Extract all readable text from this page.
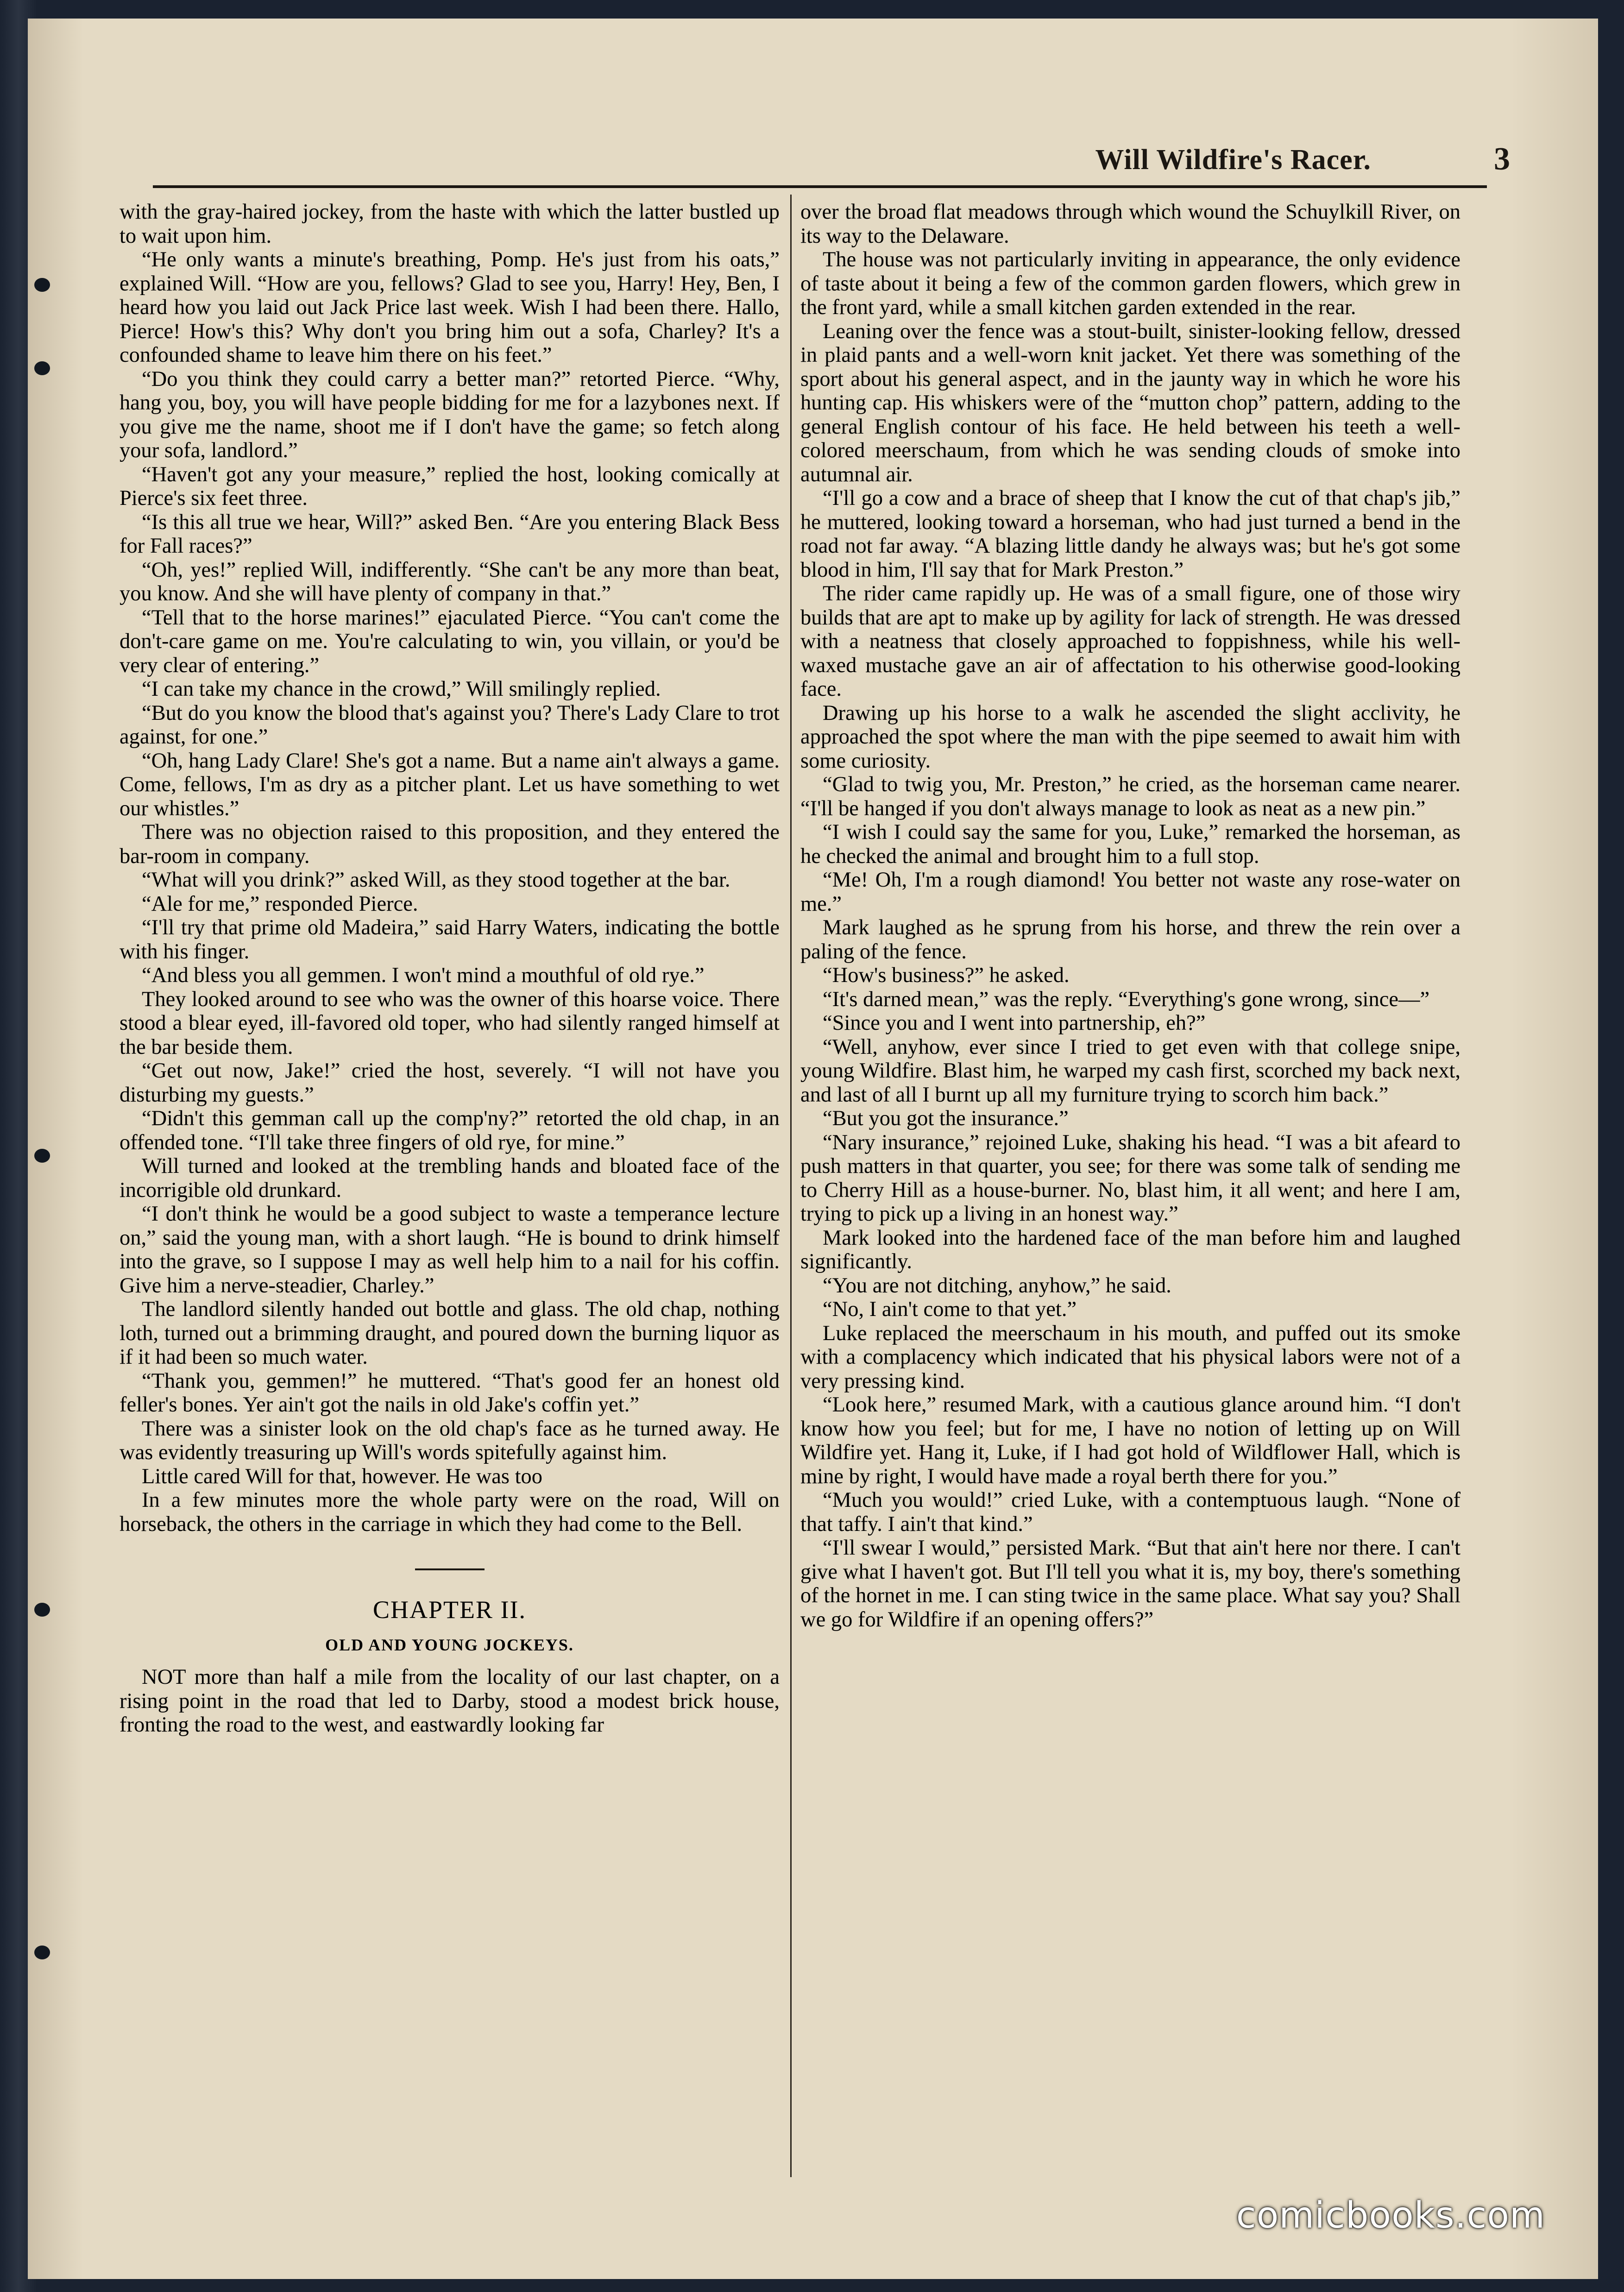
Will Wildfire's Racer.	3

with the gray-haired jockey, from the haste with which the latter bustled up to wait upon him.

“He only wants a minute's breathing, Pomp. He's just from his oats,” explained Will. “How are you, fellows? Glad to see you, Harry! Hey, Ben, I heard how you laid out Jack Price last week. Wish I had been there. Hallo, Pierce! How's this? Why don't you bring him out a sofa, Charley? It's a confounded shame to leave him there on his feet.”

“Do you think they could carry a better man?” retorted Pierce. “Why, hang you, boy, you will have people bidding for me for a lazybones next. If you give me the name, shoot me if I don't have the game; so fetch along your sofa, landlord.”

“Haven't got any your measure,” replied the host, looking comically at Pierce's six feet three.

“Is this all true we hear, Will?” asked Ben. “Are you entering Black Bess for Fall races?”

“Oh, yes!” replied Will, indifferently. “She can't be any more than beat, you know. And she will have plenty of company in that.”

“Tell that to the horse marines!” ejaculated Pierce. “You can't come the don't-care game on me. You're calculating to win, you villain, or you'd be very clear of entering.”

“I can take my chance in the crowd,” Will smilingly replied.

“But do you know the blood that's against you? There's Lady Clare to trot against, for one.”

“Oh, hang Lady Clare! She's got a name. But a name ain't always a game. Come, fellows, I'm as dry as a pitcher plant. Let us have something to wet our whistles.”

There was no objection raised to this proposition, and they entered the bar-room in company.

“What will you drink?” asked Will, as they stood together at the bar.

“Ale for me,” responded Pierce.

“I'll try that prime old Madeira,” said Harry Waters, indicating the bottle with his finger.

“And bless you all gemmen. I won't mind a mouthful of old rye.”

They looked around to see who was the owner of this hoarse voice. There stood a blear eyed, ill-favored old toper, who had silently ranged himself at the bar beside them.

“Get out now, Jake!” cried the host, severely. “I will not have you disturbing my guests.”

“Didn't this gemman call up the comp'ny?” retorted the old chap, in an offended tone. “I'll take three fingers of old rye, for mine.”

Will turned and looked at the trembling hands and bloated face of the incorrigible old drunkard.

“I don't think he would be a good subject to waste a temperance lecture on,” said the young man, with a short laugh. “He is bound to drink himself into the grave, so I suppose I may as well help him to a nail for his coffin. Give him a nerve-steadier, Charley.”

The landlord silently handed out bottle and glass. The old chap, nothing loth, turned out a brimming draught, and poured down the burning liquor as if it had been so much water.

“Thank you, gemmen!” he muttered. “That's good fer an honest old feller's bones. Yer ain't got the nails in old Jake's coffin yet.”

There was a sinister look on the old chap's face as he turned away. He was evidently treasuring up Will's words spitefully against him.

Little cared Will for that, however. He was too

In a few minutes more the whole party were on the road, Will on horseback, the others in the carriage in which they had come to the Bell.

CHAPTER II.
OLD AND YOUNG JOCKEYS.

NOT more than half a mile from the locality of our last chapter, on a rising point in the road that led to Darby, stood a modest brick house, fronting the road to the west, and eastwardly looking far

over the broad flat meadows through which wound the Schuylkill River, on its way to the Delaware.

The house was not particularly inviting in appearance, the only evidence of taste about it being a few of the common garden flowers, which grew in the front yard, while a small kitchen garden extended in the rear.

Leaning over the fence was a stout-built, sinister-looking fellow, dressed in plaid pants and a well-worn knit jacket. Yet there was something of the sport about his general aspect, and in the jaunty way in which he wore his hunting cap. His whiskers were of the “mutton chop” pattern, adding to the general English contour of his face. He held between his teeth a well-colored meerschaum, from which he was sending clouds of smoke into autumnal air.

“I'll go a cow and a brace of sheep that I know the cut of that chap's jib,” he muttered, looking toward a horseman, who had just turned a bend in the road not far away. “A blazing little dandy he always was; but he's got some blood in him, I'll say that for Mark Preston.”

The rider came rapidly up. He was of a small figure, one of those wiry builds that are apt to make up by agility for lack of strength. He was dressed with a neatness that closely approached to foppishness, while his well-waxed mustache gave an air of affectation to his otherwise good-looking face.

Drawing up his horse to a walk he ascended the slight acclivity, he approached the spot where the man with the pipe seemed to await him with some curiosity.

“Glad to twig you, Mr. Preston,” he cried, as the horseman came nearer. “I'll be hanged if you don't always manage to look as neat as a new pin.”

“I wish I could say the same for you, Luke,” remarked the horseman, as he checked the animal and brought him to a full stop.

“Me! Oh, I'm a rough diamond! You better not waste any rose-water on me.”

Mark laughed as he sprung from his horse, and threw the rein over a paling of the fence.

“How's business?” he asked.

“It's darned mean,” was the reply. “Everything's gone wrong, since—”

“Since you and I went into partnership, eh?”

“Well, anyhow, ever since I tried to get even with that college snipe, young Wildfire. Blast him, he warped my cash first, scorched my back next, and last of all I burnt up all my furniture trying to scorch him back.”

“But you got the insurance.”

“Nary insurance,” rejoined Luke, shaking his head. “I was a bit afeard to push matters in that quarter, you see; for there was some talk of sending me to Cherry Hill as a house-burner. No, blast him, it all went; and here I am, trying to pick up a living in an honest way.”

Mark looked into the hardened face of the man before him and laughed significantly.

“You are not ditching, anyhow,” he said.

“No, I ain't come to that yet.”

Luke replaced the meerschaum in his mouth, and puffed out its smoke with a complacency which indicated that his physical labors were not of a very pressing kind.

“Look here,” resumed Mark, with a cautious glance around him. “I don't know how you feel; but for me, I have no notion of letting up on Will Wildfire yet. Hang it, Luke, if I had got hold of Wildflower Hall, which is mine by right, I would have made a royal berth there for you.”

“Much you would!” cried Luke, with a contemptuous laugh. “None of that taffy. I ain't that kind.”

“I'll swear I would,” persisted Mark. “But that ain't here nor there. I can't give what I haven't got. But I'll tell you what it is, my boy, there's something of the hornet in me. I can sting twice in the same place. What say you? Shall we go for Wildfire if an opening offers?”

comicbooks.com
